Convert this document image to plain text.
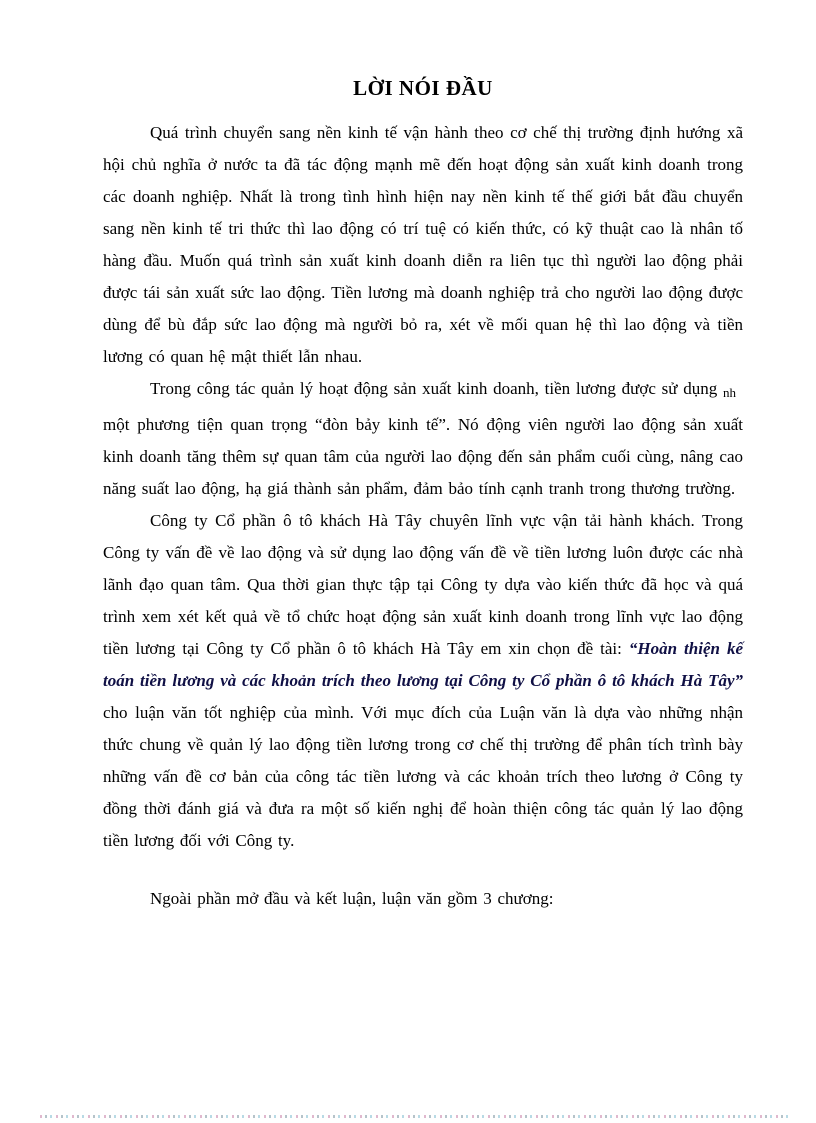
LỜI NÓI ĐẦU

Quá trình chuyển sang nền kinh tế vận hành theo cơ chế thị trường định hướng xã hội chủ nghĩa ở nước ta đã tác động mạnh mẽ đến hoạt động sản xuất kinh doanh trong các doanh nghiệp. Nhất là trong tình hình hiện nay nền kinh tế thế giới bắt đầu chuyển sang nền kinh tế tri thức thì lao động có trí tuệ có kiến thức, có kỹ thuật cao là nhân tố hàng đầu. Muốn quá trình sản xuất kinh doanh diễn ra liên tục thì người lao động phải được tái sản xuất sức lao động. Tiền lương mà doanh nghiệp trả cho người lao động được dùng để bù đắp sức lao động mà người bỏ ra, xét về mối quan hệ thì lao động và tiền lương có quan hệ mật thiết lẫn nhau.

Trong công tác quản lý hoạt động sản xuất kinh doanh, tiền lương được sử dụng nh một phương tiện quan trọng “đòn bảy kinh tế”. Nó động viên người lao động sản xuất kinh doanh tăng thêm sự quan tâm của người lao động đến sản phẩm cuối cùng, nâng cao năng suất lao động, hạ giá thành sản phẩm, đảm bảo tính cạnh tranh trong thương trường.

Công ty Cổ phần ô tô khách Hà Tây chuyên lĩnh vực vận tải hành khách. Trong Công ty vấn đề về lao động và sử dụng lao động vấn đề về tiền lương luôn được các nhà lãnh đạo quan tâm. Qua thời gian thực tập tại Công ty dựa vào kiến thức đã học và quá trình xem xét kết quả về tổ chức hoạt động sản xuất kinh doanh trong lĩnh vực lao động tiền lương tại Công ty Cổ phần ô tô khách Hà Tây em xin chọn đề tài: “Hoàn thiện kế toán tiền lương và các khoản trích theo lương tại Công ty Cổ phần ô tô khách Hà Tây” cho luận văn tốt nghiệp của mình. Với mục đích của Luận văn là dựa vào những nhận thức chung về quản lý lao động tiền lương trong cơ chế thị trường để phân tích trình bày những vấn đề cơ bản của công tác tiền lương và các khoản trích theo lương ở Công ty đồng thời đánh giá và đưa ra một số kiến nghị để hoàn thiện công tác quản lý lao động tiền lương đối với Công ty.

Ngoài phần mở đầu và kết luận, luận văn gồm 3 chương:
